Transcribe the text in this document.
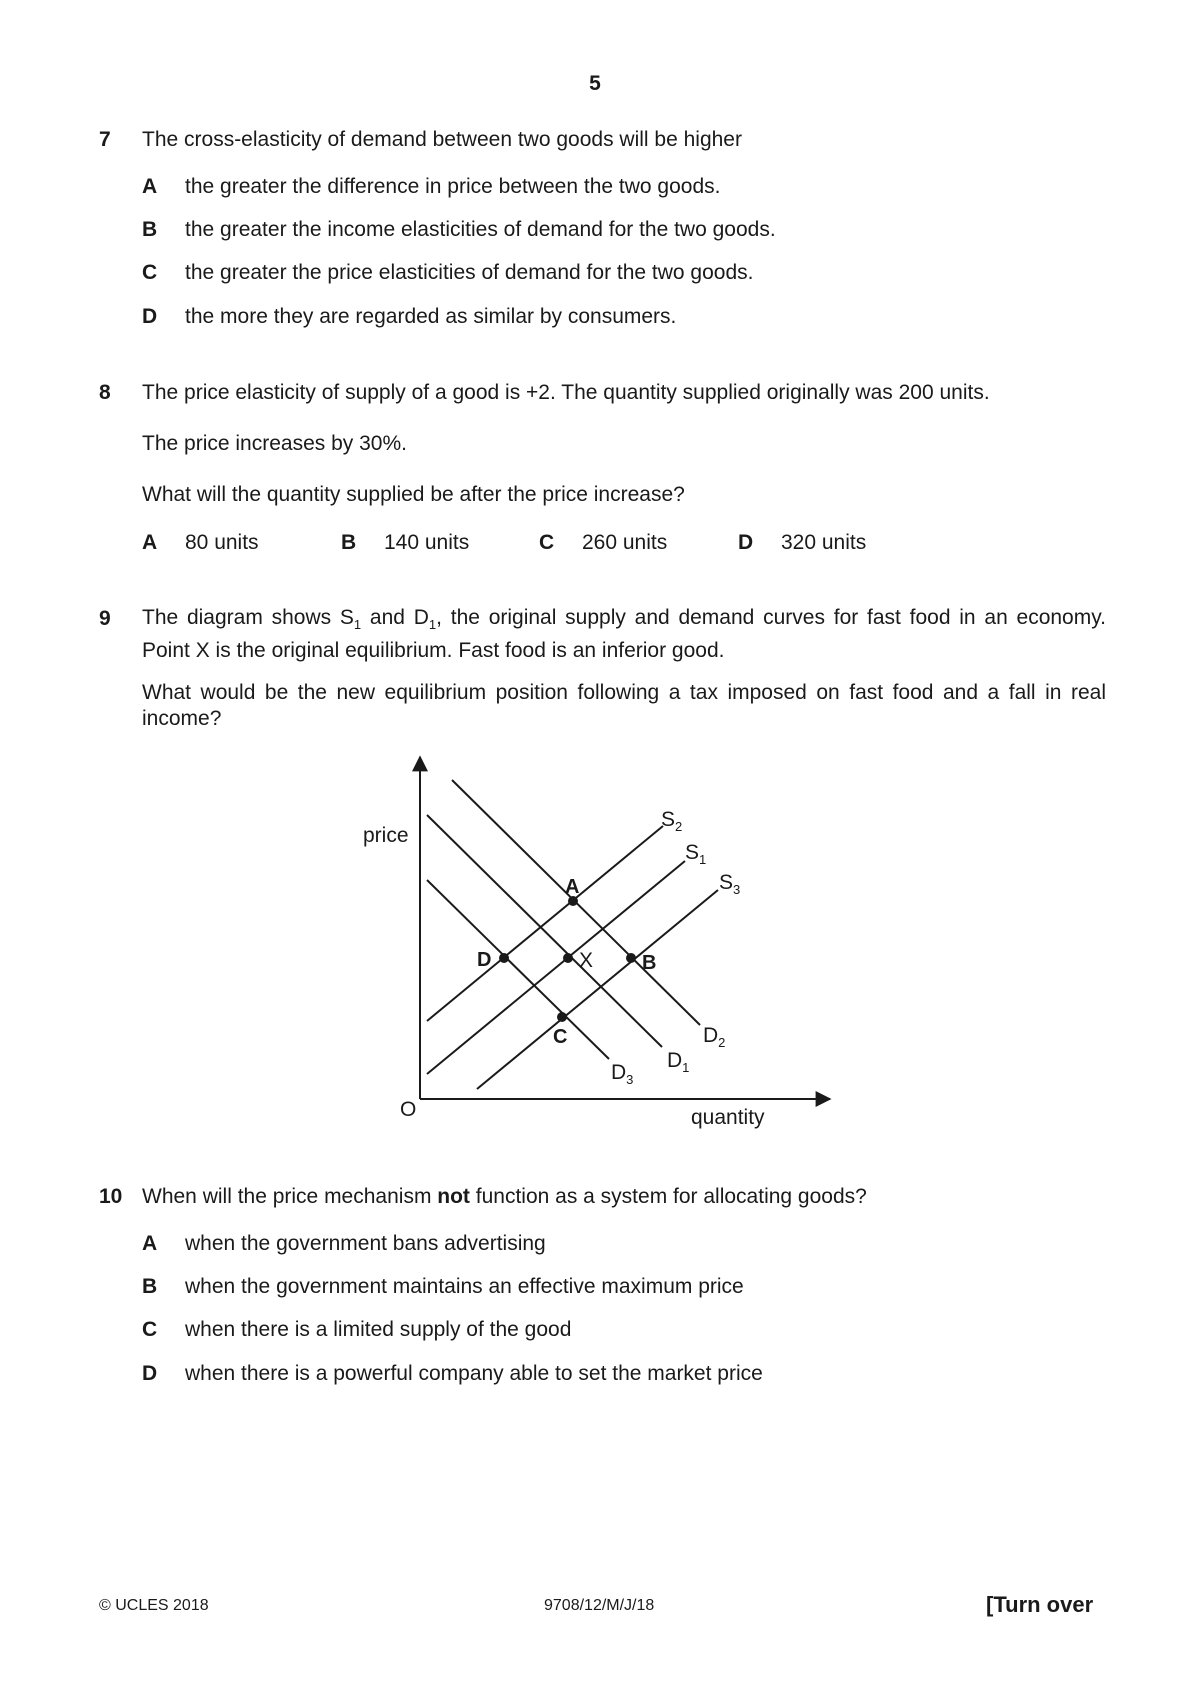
5
7 The cross-elasticity of demand between two goods will be higher
A the greater the difference in price between the two goods.
B the greater the income elasticities of demand for the two goods.
C the greater the price elasticities of demand for the two goods.
D the more they are regarded as similar by consumers.
8 The price elasticity of supply of a good is +2. The quantity supplied originally was 200 units.
The price increases by 30%.
What will the quantity supplied be after the price increase?
A 80 units	B 140 units	C 260 units	D 320 units
9 The diagram shows $S_1$ and $D_1$, the original supply and demand curves for fast food in an economy. Point X is the original equilibrium. Fast food is an inferior good.
What would be the new equilibrium position following a tax imposed on fast food and a fall in real income?
price
quantity
O
$S_2$
$S_1$
$S_3$
$D_2$
$D_1$
$D_3$
A
D	X B
C
10 When will the price mechanism not function as a system for allocating goods?
A when the government bans advertising
B when the government maintains an effective maximum price
C when there is a limited supply of the good
D when there is a powerful company able to set the market price
© UCLES 2018	9708/12/M/J/18	[Turn over
